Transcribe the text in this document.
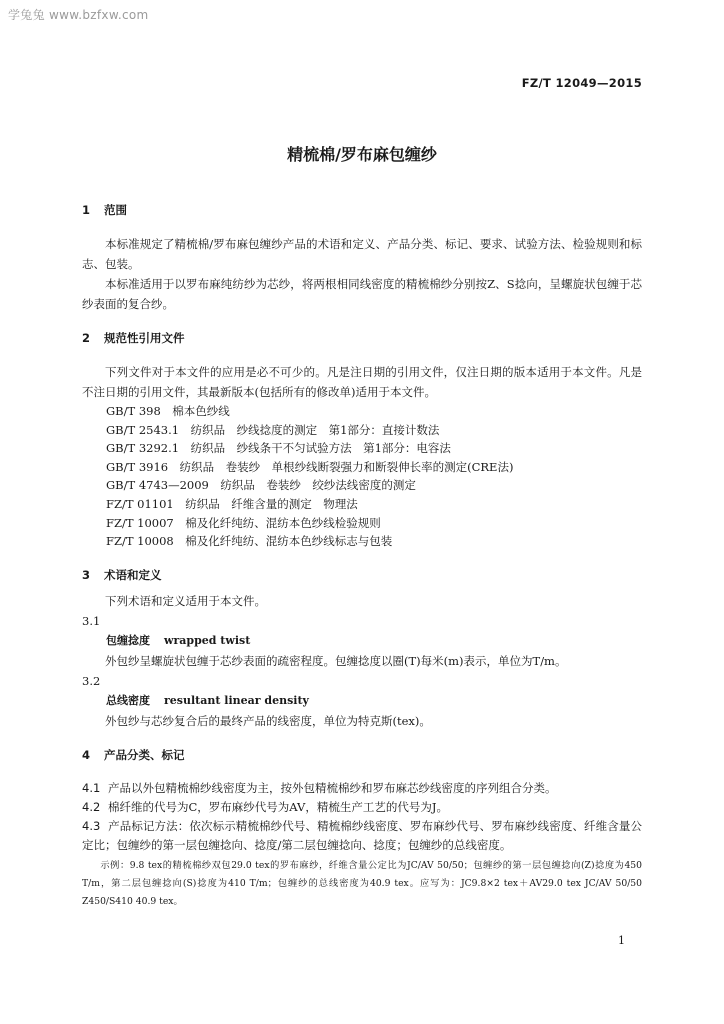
学兔兔 www.bzfxw.com
FZ/T 12049—2015
精梳棉/罗布麻包缠纱
1 范围

本标准规定了精梳棉/罗布麻包缠纱产品的术语和定义、产品分类、标记、要求、试验方法、检验规则和标志、包装。

本标准适用于以罗布麻纯纺纱为芯纱，将两根相同线密度的精梳棉纱分别按Z、S捻向，呈螺旋状包缠于芯纱表面的复合纱。

2 规范性引用文件

下列文件对于本文件的应用是必不可少的。凡是注日期的引用文件，仅注日期的版本适用于本文件。凡是不注日期的引用文件，其最新版本(包括所有的修改单)适用于本文件。

GB/T 398　棉本色纱线
GB/T 2543.1　纺织品　纱线捻度的测定　第1部分：直接计数法
GB/T 3292.1　纺织品　纱线条干不匀试验方法　第1部分：电容法
GB/T 3916　纺织品　卷装纱　单根纱线断裂强力和断裂伸长率的测定(CRE法)
GB/T 4743—2009　纺织品　卷装纱　绞纱法线密度的测定
FZ/T 01101　纺织品　纤维含量的测定　物理法
FZ/T 10007　棉及化纤纯纺、混纺本色纱线检验规则
FZ/T 10008　棉及化纤纯纺、混纺本色纱线标志与包装
3 术语和定义

下列术语和定义适用于本文件。

3.1
包缠捻度 wrapped twist

外包纱呈螺旋状包缠于芯纱表面的疏密程度。包缠捻度以圈(T)每米(m)表示，单位为T/m。

3.2
总线密度 resultant linear density

外包纱与芯纱复合后的最终产品的线密度，单位为特克斯(tex)。

4 产品分类、标记
4.1 产品以外包精梳棉纱线密度为主，按外包精梳棉纱和罗布麻芯纱线密度的序列组合分类。
4.2 棉纤维的代号为C，罗布麻纱代号为AV，精梳生产工艺的代号为J。
4.3 产品标记方法：依次标示精梳棉纱代号、精梳棉纱线密度、罗布麻纱代号、罗布麻纱线密度、纤维含量公定比；包缠纱的第一层包缠捻向、捻度/第二层包缠捻向、捻度；包缠纱的总线密度。

示例：9.8 tex的精梳棉纱双包29.0 tex的罗布麻纱，纤维含量公定比为JC/AV 50/50；包缠纱的第一层包缠捻向(Z)捻度为450 T/m，第二层包缠捻向(S)捻度为410 T/m；包缠纱的总线密度为40.9 tex。应写为：JC9.8×2 tex＋AV29.0 tex JC/AV 50/50 Z450/S410 40.9 tex。

1
